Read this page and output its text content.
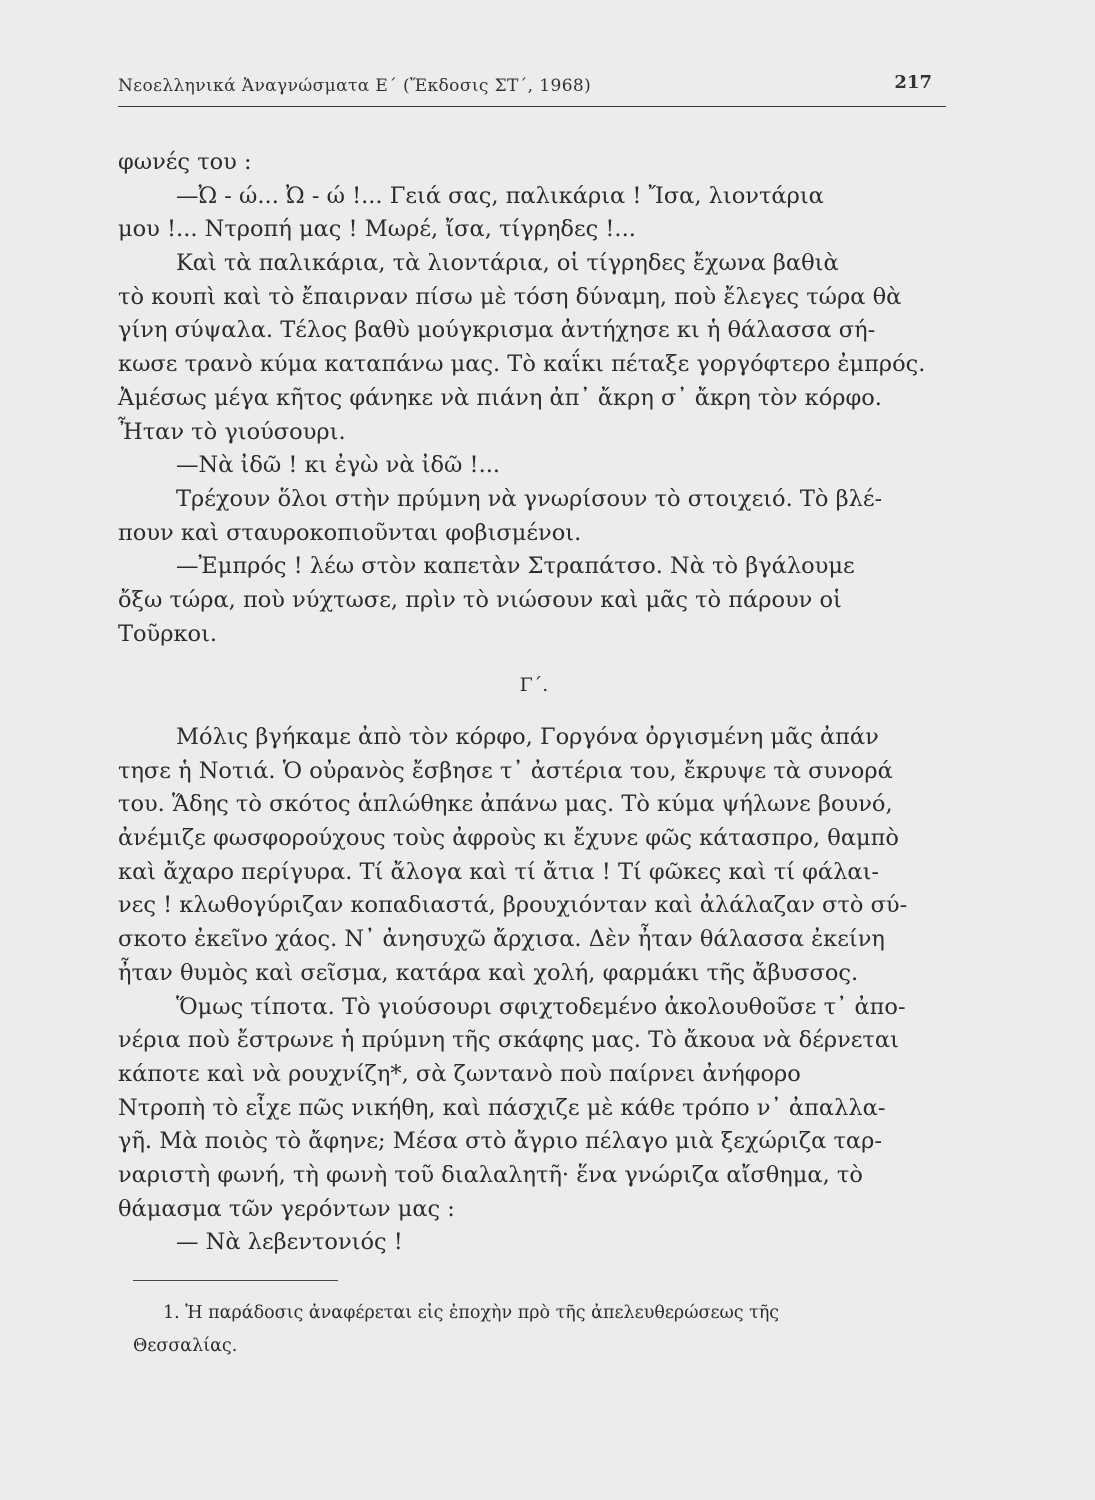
Νεοελληνικά Ἀναγνώσματα Ε΄ (Ἔκδοσις ΣΤ΄, 1968)	217
φωνές του :
—Ὠ - ώ... Ὠ - ώ !... Γειά σας, παλικάρια ! Ἴσα, λιοντάρια
μου !... Ντροπή μας ! Μωρέ, ἴσα, τίγρηδες !...
Καὶ τὰ παλικάρια, τὰ λιοντάρια, οἱ τίγρηδες ἔχωνα βαθιὰ
τὸ κουπὶ καὶ τὸ ἔπαιρναν πίσω μὲ τόση δύναμη, ποὺ ἔλεγες τώρα θὰ
γίνη σύψαλα. Τέλος βαθὺ μούγκρισμα ἀντήχησε κι ἡ θάλασσα σή-
κωσε τρανὸ κύμα καταπάνω μας. Τὸ καΐκι πέταξε γοργόφτερο ἐμπρός.
Ἀμέσως μέγα κῆτος φάνηκε νὰ πιάνη ἀπ᾿ ἄκρη σ᾿ ἄκρη τὸν κόρφο.
Ἦταν τὸ γιούσουρι.
—Νὰ ἰδῶ ! κι ἐγὼ νὰ ἰδῶ !...
Τρέχουν ὅλοι στὴν πρύμνη νὰ γνωρίσουν τὸ στοιχειό. Τὸ βλέ-
πουν καὶ σταυροκοπιοῦνται φοβισμένοι.
—Ἐμπρός ! λέω στὸν καπετὰν Στραπάτσο. Νὰ τὸ βγάλουμε
ὄξω τώρα, ποὺ νύχτωσε, πρὶν τὸ νιώσουν καὶ μᾶς τὸ πάρουν οἱ
Τοῦρκοι.
Γ΄.
Μόλις βγήκαμε ἀπὸ τὸν κόρφο, Γοργόνα ὀργισμένη μᾶς ἀπάν
τησε ἡ Νοτιά. Ὁ οὐρανὸς ἔσβησε τ᾿ ἀστέρια του, ἔκρυψε τὰ συνορά
του. Ἅδης τὸ σκότος ἁπλώθηκε ἀπάνω μας. Τὸ κύμα ψήλωνε βουνό,
ἀνέμιζε φωσφορούχους τοὺς ἀφροὺς κι ἔχυνε φῶς κάτασπρο, θαμπὸ
καὶ ἄχαρο περίγυρα. Τί ἄλογα καὶ τί ἄτια ! Τί φῶκες καὶ τί φάλαι-
νες ! κλωθογύριζαν κοπαδιαστά, βρουχιόνταν καὶ ἀλάλαζαν στὸ σύ-
σκοτο ἐκεῖνο χάος. Ν᾿ ἀνησυχῶ ἄρχισα. Δὲν ἦταν θάλασσα ἐκείνη
ἦταν θυμὸς καὶ σεῖσμα, κατάρα καὶ χολή, φαρμάκι τῆς ἄβυσσος.
Ὅμως τίποτα. Τὸ γιούσουρι σφιχτοδεμένο ἀκολουθοῦσε τ᾿ ἀπο-
νέρια ποὺ ἔστρωνε ἡ πρύμνη τῆς σκάφης μας. Τὸ ἄκουα νὰ δέρνεται
κάποτε καὶ νὰ ρουχνίζη*, σὰ ζωντανὸ ποὺ παίρνει ἀνήφορο
Ντροπὴ τὸ εἶχε πῶς νικήθη, καὶ πάσχιζε μὲ κάθε τρόπο ν᾿ ἀπαλλα-
γῆ. Μὰ ποιὸς τὸ ἄφηνε; Μέσα στὸ ἄγριο πέλαγο μιὰ ξεχώριζα ταρ-
ναριστὴ φωνή, τὴ φωνὴ τοῦ διαλαλητῆ· ἕνα γνώριζα αἴσθημα, τὸ
θάμασμα τῶν γερόντων μας :
— Νὰ λεβεντονιός !
1. Ἡ παράδοσις ἀναφέρεται εἰς ἐποχὴν πρὸ τῆς ἀπελευθερώσεως τῆς
Θεσσαλίας.
